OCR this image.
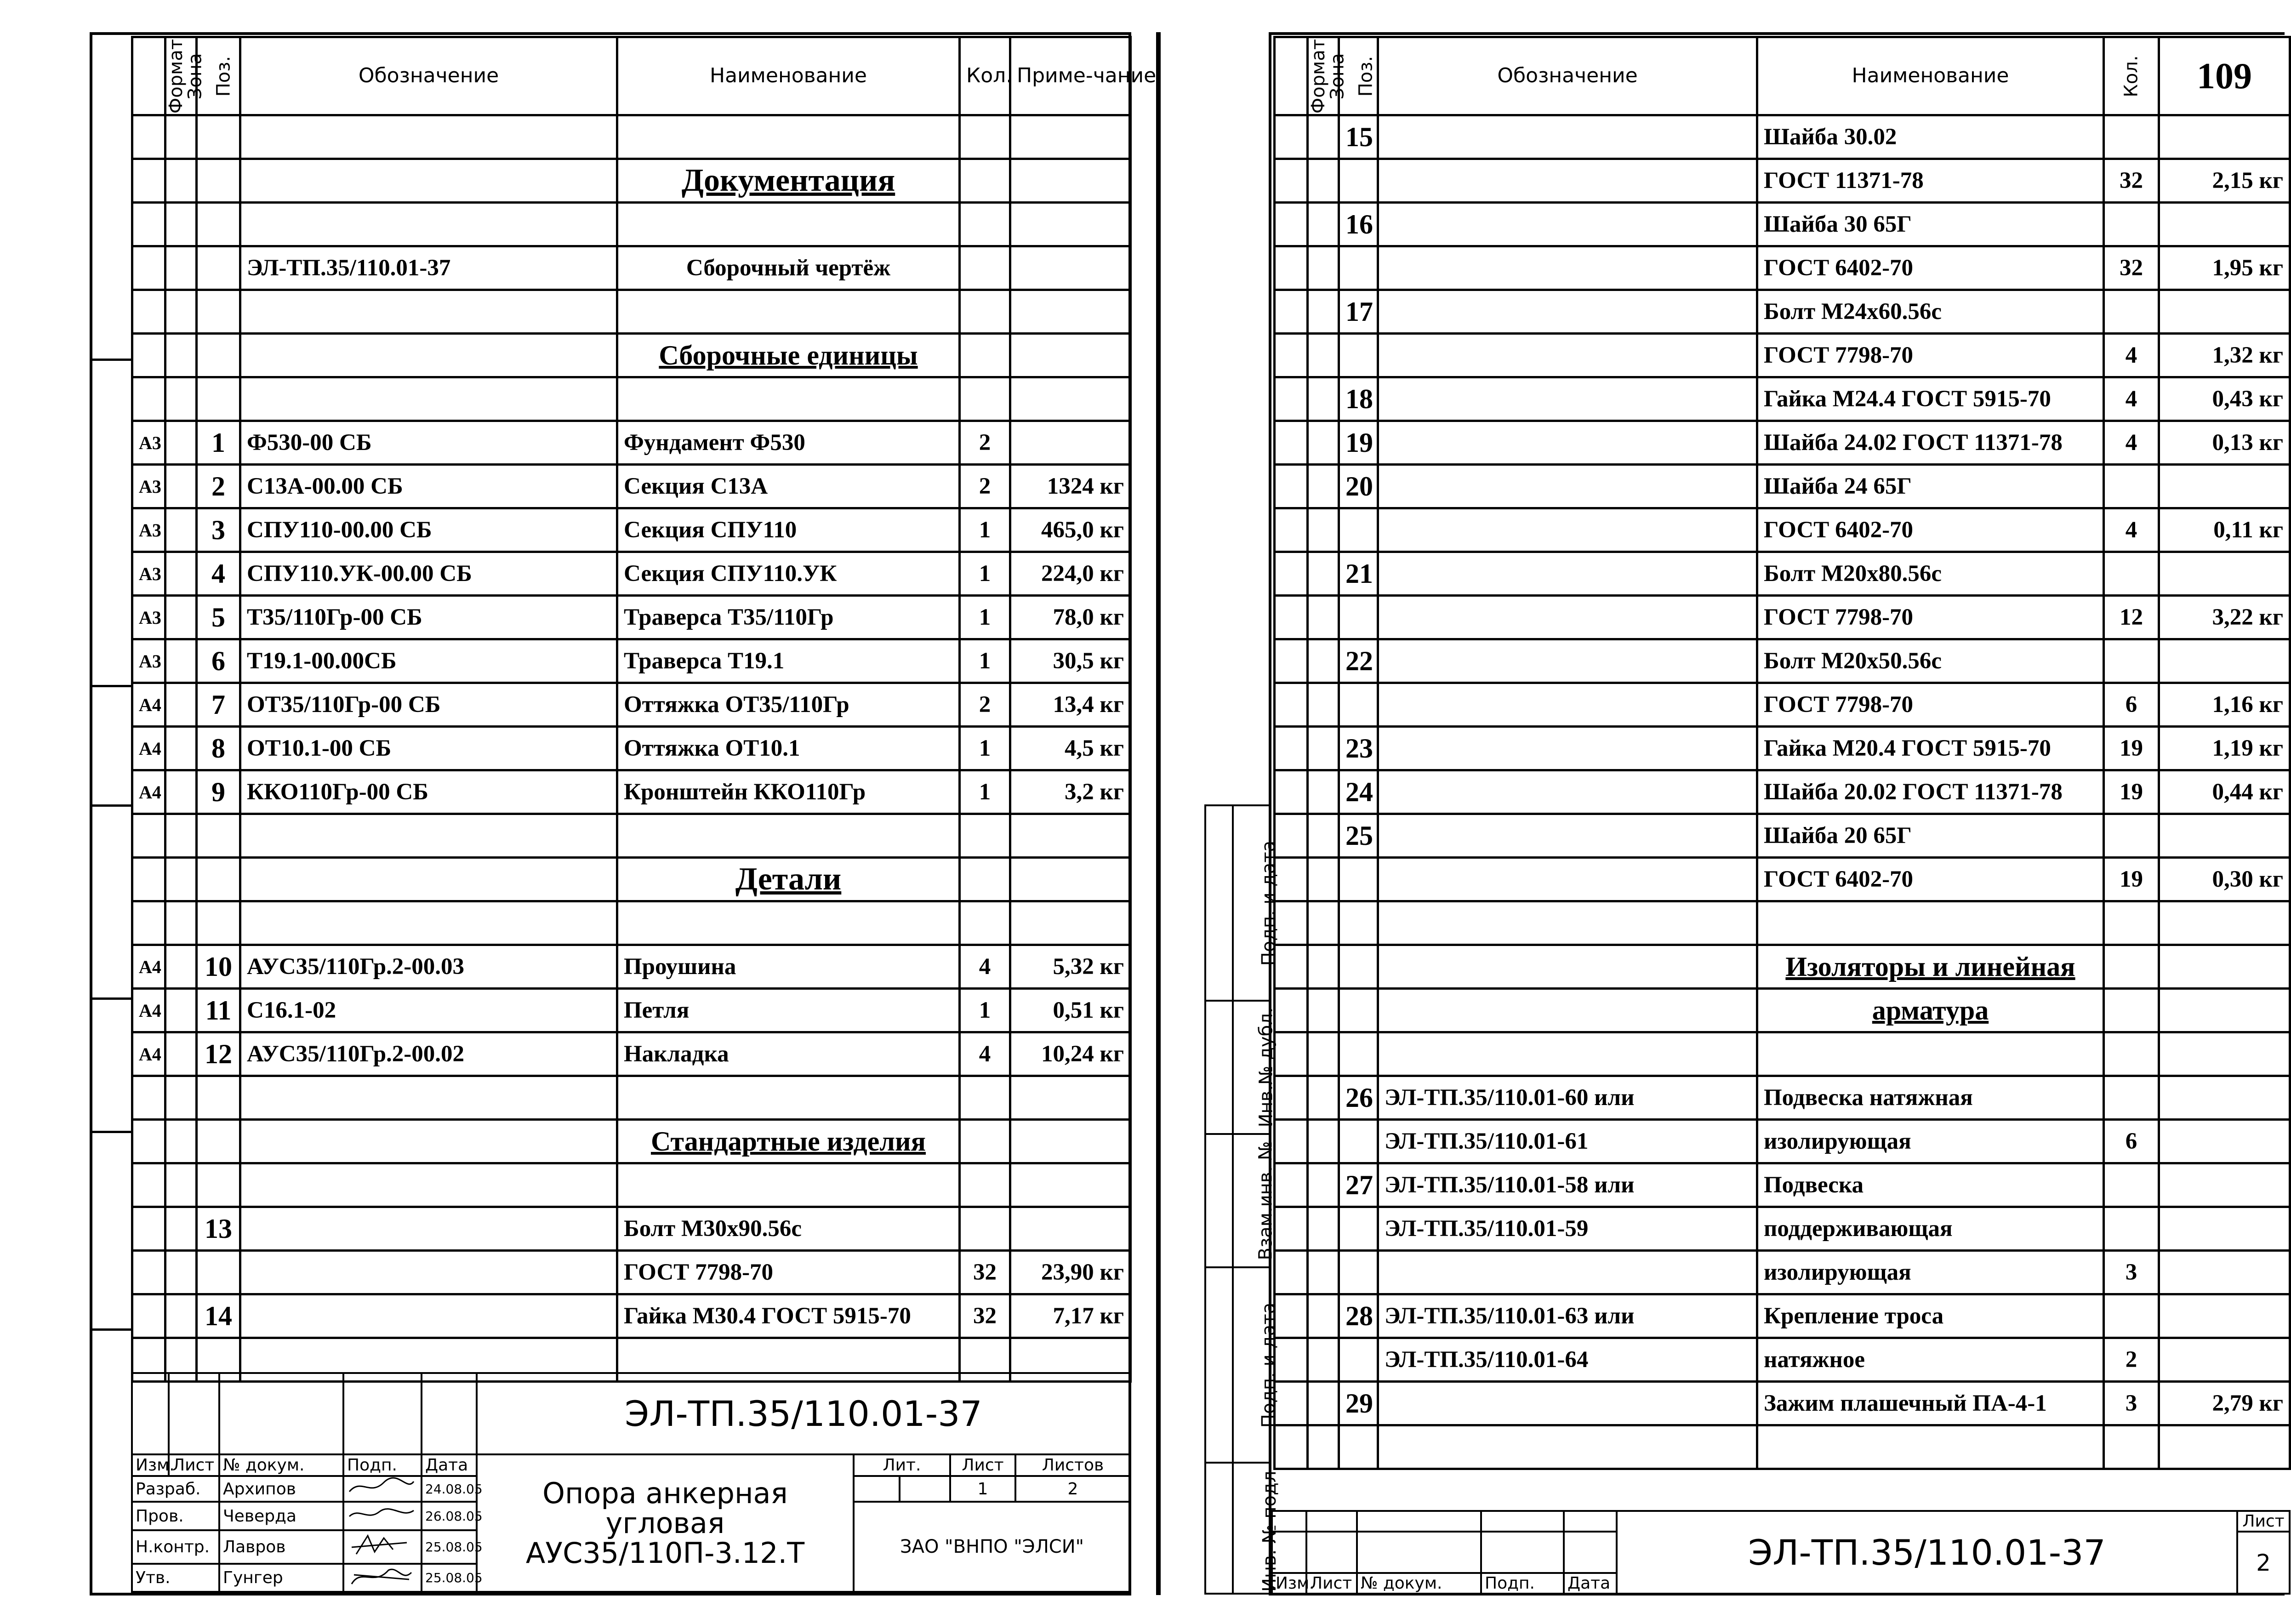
Формат	Зона	Поз.	Обозначение	Наименование	Кол.	Приме-чание

				Документация		

			ЭЛ-ТП.35/110.01-37	Сборочный чертёж		

				Сборочные единицы		

А3		1	Ф530-00 СБ	Фундамент Ф530	2	
А3		2	С13А-00.00 СБ	Секция С13А	2	1324 кг
А3		3	СПУ110-00.00 СБ	Секция СПУ110	1	465,0 кг
А3		4	СПУ110.УК-00.00 СБ	Секция СПУ110.УК	1	224,0 кг
А3		5	Т35/110Гр-00 СБ	Траверса Т35/110Гр	1	78,0 кг
А3		6	Т19.1-00.00СБ	Траверса Т19.1	1	30,5 кг
А4		7	ОТ35/110Гр-00 СБ	Оттяжка ОТ35/110Гр	2	13,4 кг
А4		8	ОТ10.1-00 СБ	Оттяжка ОТ10.1	1	4,5 кг
А4		9	ККО110Гр-00 СБ	Кронштейн ККО110Гр	1	3,2 кг

				Детали		

А4		10	АУС35/110Гр.2-00.03	Проушина	4	5,32 кг
А4		11	С16.1-02	Петля	1	0,51 кг
А4		12	АУС35/110Гр.2-00.02	Накладка	4	10,24 кг

				Стандартные изделия		

		13		Болт М30х90.56с		
				ГОСТ 7798-70	32	23,90 кг
		14		Гайка М30.4 ГОСТ 5915-70	32	7,17 кг

					ЭЛ-ТП.35/110.01-37				
Изм.	Лист	№ докум.	Подп.	Дата	Опора анкерная угловая АУС35/110П-3.12.Т	Лит.		Лист	Листов
Разраб.		Архипов		24.08.05				1	2
Пров.		Чеверда		26.08.05		ЗАО "ВНПО "ЭЛСИ"			
Н.контр.		Лавров		25.08.05					
Утв.		Гунгер		25.08.05					
Подп. и дата	
Инв.№ дубл.	
Взам.инв. №	
Подп. и дата	
Инв. № подл.	
Формат	Зона	Поз.	Обозначение	Наименование	Кол.	109
		15		Шайба 30.02		
				ГОСТ 11371-78	32	2,15 кг
		16		Шайба 30 65Г		
				ГОСТ 6402-70	32	1,95 кг
		17		Болт М24х60.56с		
				ГОСТ 7798-70	4	1,32 кг
		18		Гайка М24.4 ГОСТ 5915-70	4	0,43 кг
		19		Шайба 24.02 ГОСТ 11371-78	4	0,13 кг
		20		Шайба 24 65Г		
				ГОСТ 6402-70	4	0,11 кг
		21		Болт М20х80.56с		
				ГОСТ 7798-70	12	3,22 кг
		22		Болт М20х50.56с		
				ГОСТ 7798-70	6	1,16 кг
		23		Гайка М20.4 ГОСТ 5915-70	19	1,19 кг
		24		Шайба 20.02 ГОСТ 11371-78	19	0,44 кг
		25		Шайба 20 65Г		
				ГОСТ 6402-70	19	0,30 кг

				Изоляторы и линейная		
				арматура		

		26	ЭЛ-ТП.35/110.01-60 или	Подвеска натяжная		
			ЭЛ-ТП.35/110.01-61	изолирующая	6	
		27	ЭЛ-ТП.35/110.01-58 или	Подвеска		
			ЭЛ-ТП.35/110.01-59	поддерживающая		
				изолирующая	3	
		28	ЭЛ-ТП.35/110.01-63 или	Крепление троса		
			ЭЛ-ТП.35/110.01-64	натяжное	2	
		29		Зажим плашечный ПА-4-1	3	2,79 кг

					ЭЛ-ТП.35/110.01-37	Лист
						2
Изм.	Лист	№ докум.	Подп.	Дата		
